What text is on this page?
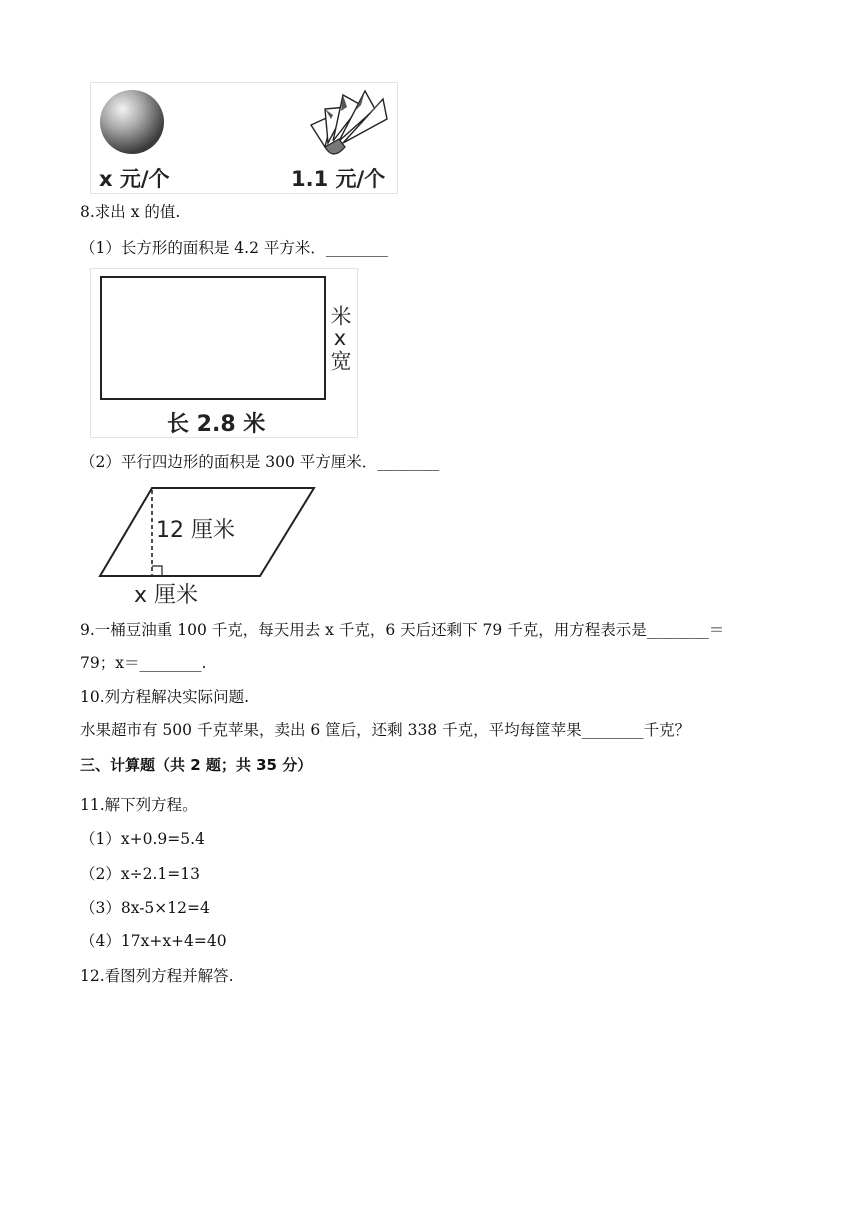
x 元/个	1.1 元/个
8.求出 x 的值.
（1）长方形的面积是 4.2 平方米．________
米x宽
长 2.8 米
（2）平行四边形的面积是 300 平方厘米．________
12 厘米
x 厘米
9.一桶豆油重 100 千克，每天用去 x 千克，6 天后还剩下 79 千克，用方程表示是________＝
79；x＝________.
10.列方程解决实际问题.
水果超市有 500 千克苹果，卖出 6 筐后，还剩 338 千克，平均每筐苹果________千克？
三、计算题（共 2 题；共 35 分）
11.解下列方程。
（1）x+0.9=5.4
（2）x÷2.1=13
（3）8x-5×12=4
（4）17x+x+4=40
12.看图列方程并解答.
